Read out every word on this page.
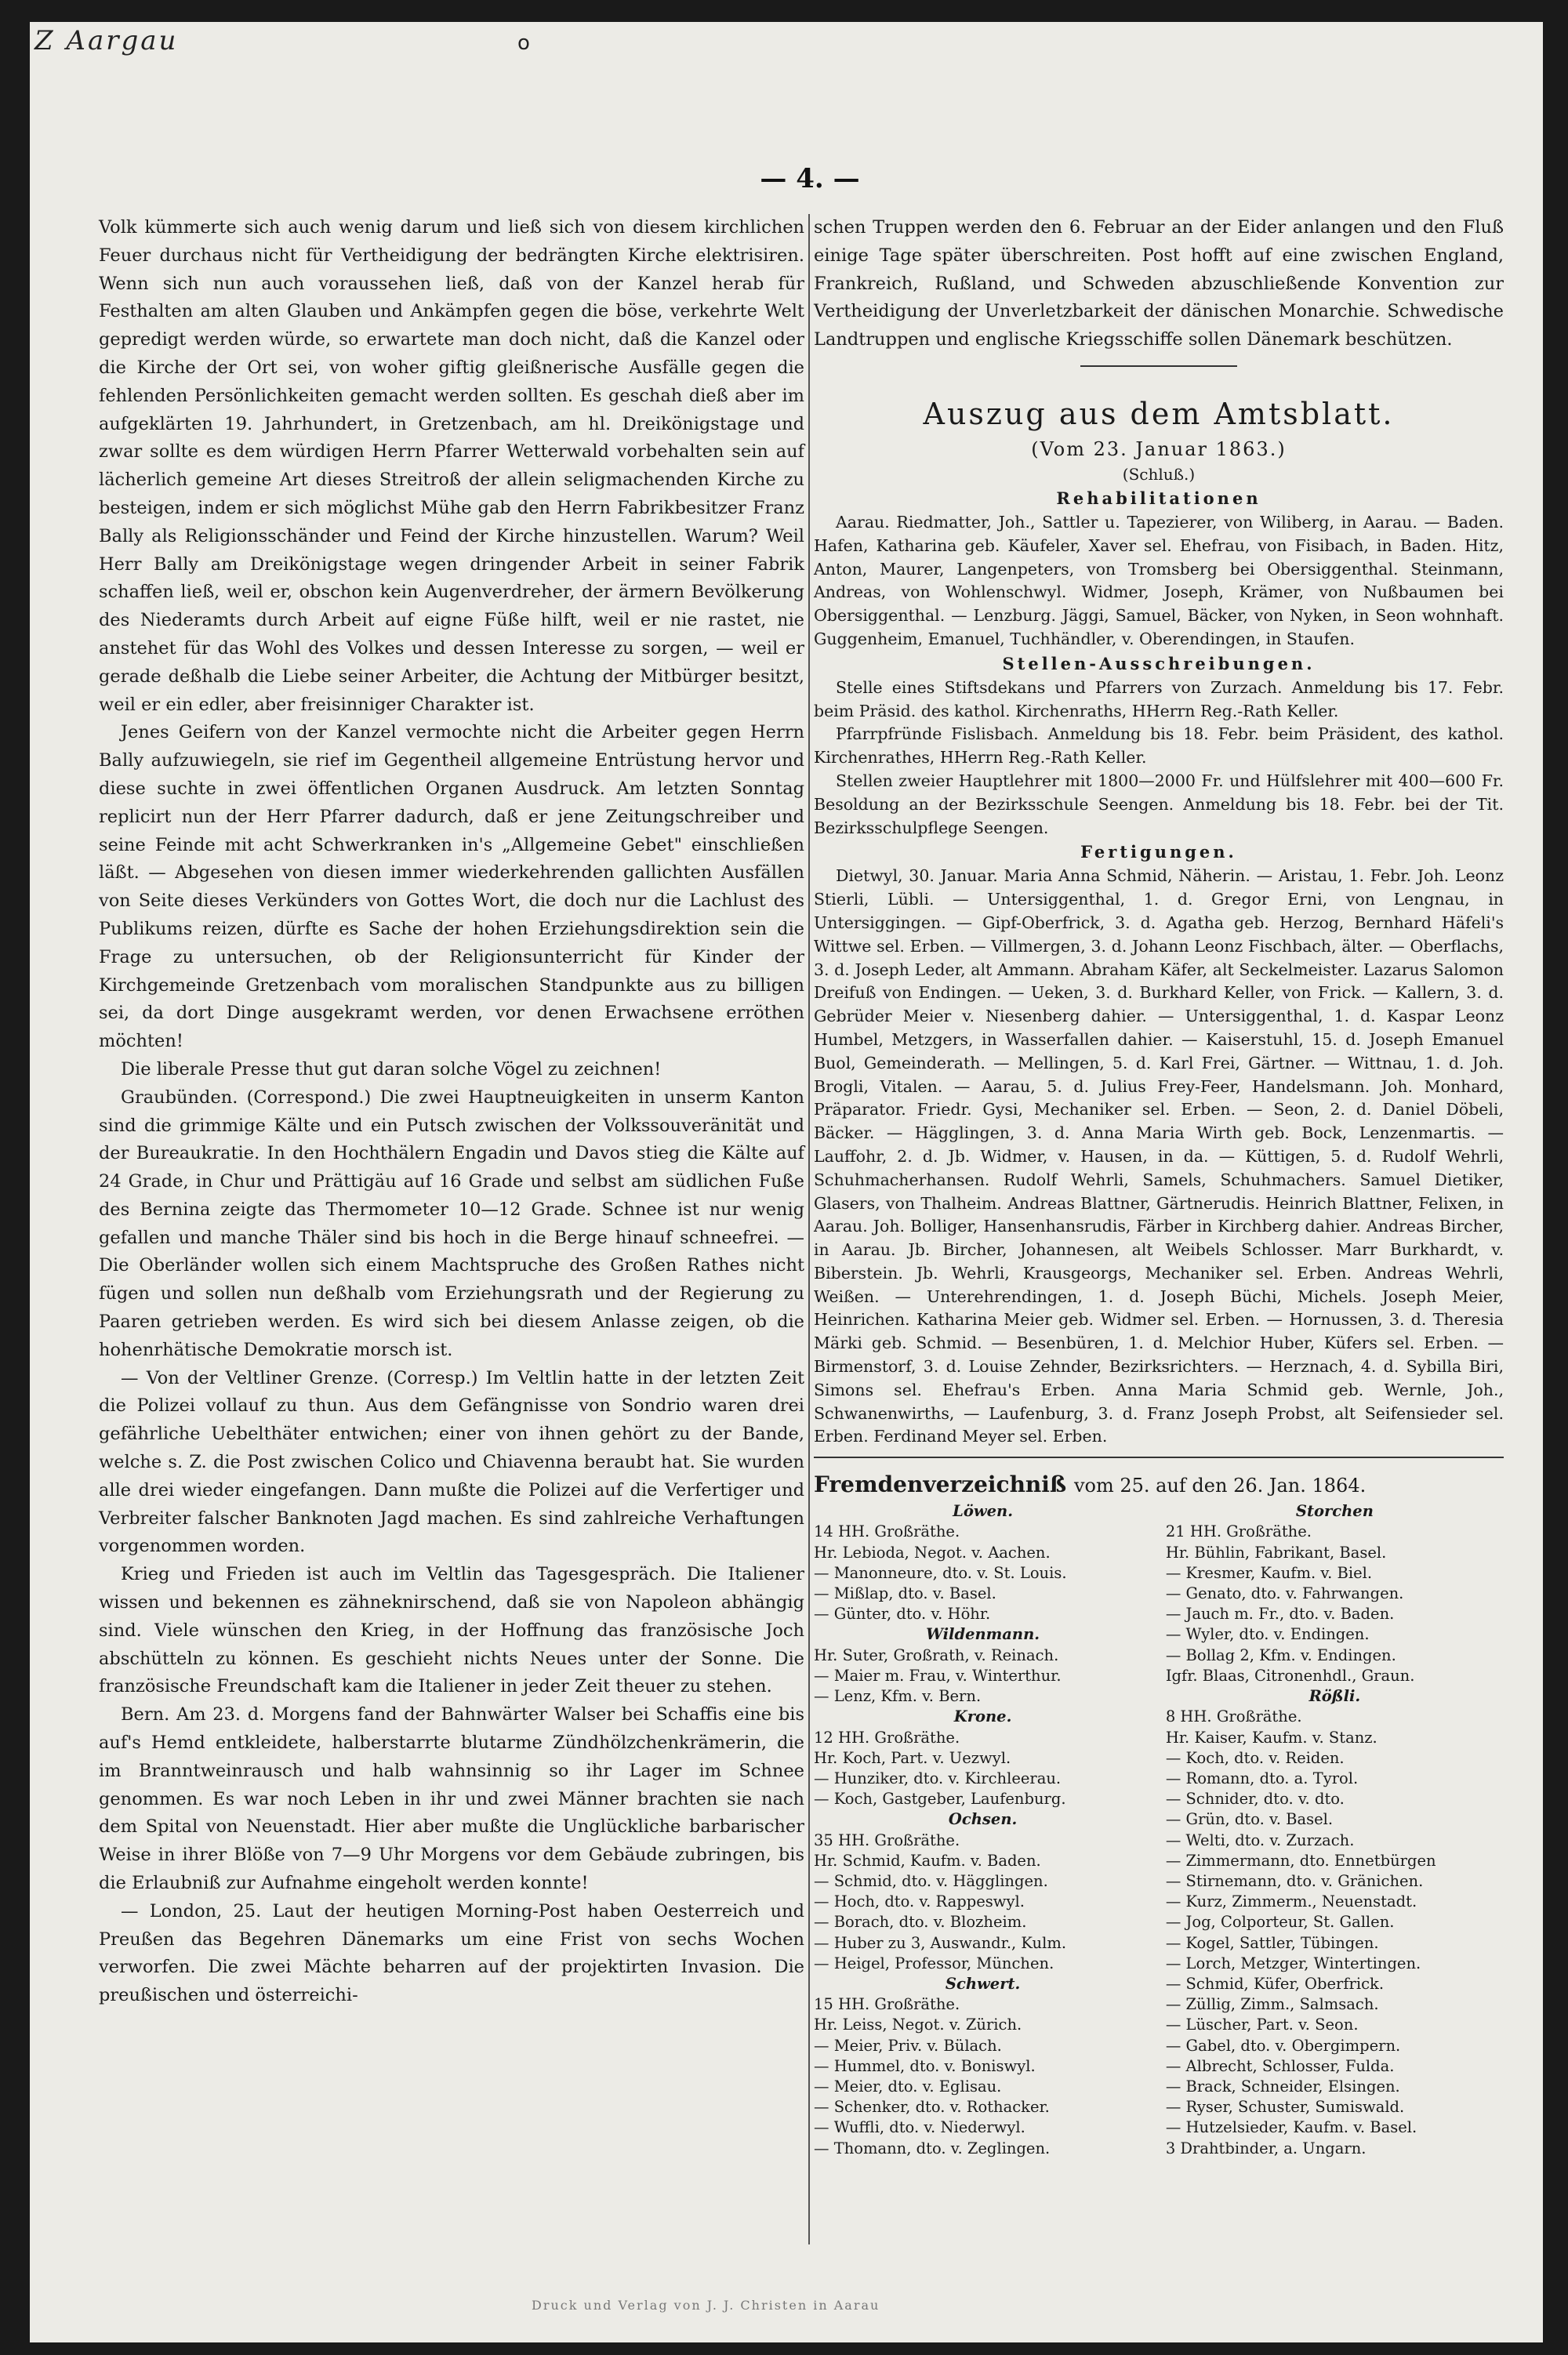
Z Aargau	o
— 4. —

Volk kümmerte sich auch wenig darum und ließ sich von diesem kirchlichen Feuer durchaus nicht für Vertheidigung der bedrängten Kirche elektrisiren. Wenn sich nun auch voraussehen ließ, daß von der Kanzel herab für Festhalten am alten Glauben und Ankämpfen gegen die böse, verkehrte Welt gepredigt werden würde, so erwartete man doch nicht, daß die Kanzel oder die Kirche der Ort sei, von woher giftig gleißnerische Ausfälle gegen die fehlenden Persönlichkeiten gemacht werden sollten. Es geschah dieß aber im aufgeklärten 19. Jahrhundert, in Gretzenbach, am hl. Dreikönigstage und zwar sollte es dem würdigen Herrn Pfarrer Wetterwald vorbehalten sein auf lächerlich gemeine Art dieses Streitroß der allein seligmachenden Kirche zu besteigen, indem er sich möglichst Mühe gab den Herrn Fabrikbesitzer Franz Bally als Religionsschänder und Feind der Kirche hinzustellen. Warum? Weil Herr Bally am Dreikönigstage wegen dringender Arbeit in seiner Fabrik schaffen ließ, weil er, obschon kein Augenverdreher, der ärmern Bevölkerung des Niederamts durch Arbeit auf eigne Füße hilft, weil er nie rastet, nie anstehet für das Wohl des Volkes und dessen Interesse zu sorgen, — weil er gerade deßhalb die Liebe seiner Arbeiter, die Achtung der Mitbürger besitzt, weil er ein edler, aber freisinniger Charakter ist.

Jenes Geifern von der Kanzel vermochte nicht die Arbeiter gegen Herrn Bally aufzuwiegeln, sie rief im Gegentheil allgemeine Entrüstung hervor und diese suchte in zwei öffentlichen Organen Ausdruck. Am letzten Sonntag replicirt nun der Herr Pfarrer dadurch, daß er jene Zeitungschreiber und seine Feinde mit acht Schwerkranken in's „Allgemeine Gebet" einschließen läßt. — Abgesehen von diesen immer wiederkehrenden gallichten Ausfällen von Seite dieses Verkünders von Gottes Wort, die doch nur die Lachlust des Publikums reizen, dürfte es Sache der hohen Erziehungsdirektion sein die Frage zu untersuchen, ob der Religionsunterricht für Kinder der Kirchgemeinde Gretzenbach vom moralischen Standpunkte aus zu billigen sei, da dort Dinge ausgekramt werden, vor denen Erwachsene erröthen möchten!

Die liberale Presse thut gut daran solche Vögel zu zeichnen!

Graubünden. (Correspond.) Die zwei Hauptneuigkeiten in unserm Kanton sind die grimmige Kälte und ein Putsch zwischen der Volkssouveränität und der Bureaukratie. In den Hochthälern Engadin und Davos stieg die Kälte auf 24 Grade, in Chur und Prättigäu auf 16 Grade und selbst am südlichen Fuße des Bernina zeigte das Thermometer 10—12 Grade. Schnee ist nur wenig gefallen und manche Thäler sind bis hoch in die Berge hinauf schneefrei. — Die Oberländer wollen sich einem Machtspruche des Großen Rathes nicht fügen und sollen nun deßhalb vom Erziehungsrath und der Regierung zu Paaren getrieben werden. Es wird sich bei diesem Anlasse zeigen, ob die hohenrhätische Demokratie morsch ist.

— Von der Veltliner Grenze. (Corresp.) Im Veltlin hatte in der letzten Zeit die Polizei vollauf zu thun. Aus dem Gefängnisse von Sondrio waren drei gefährliche Uebelthäter entwichen; einer von ihnen gehört zu der Bande, welche s. Z. die Post zwischen Colico und Chiavenna beraubt hat. Sie wurden alle drei wieder eingefangen. Dann mußte die Polizei auf die Verfertiger und Verbreiter falscher Banknoten Jagd machen. Es sind zahlreiche Verhaftungen vorgenommen worden.

Krieg und Frieden ist auch im Veltlin das Tagesgespräch. Die Italiener wissen und bekennen es zähneknirschend, daß sie von Napoleon abhängig sind. Viele wünschen den Krieg, in der Hoffnung das französische Joch abschütteln zu können. Es geschieht nichts Neues unter der Sonne. Die französische Freundschaft kam die Italiener in jeder Zeit theuer zu stehen.

Bern. Am 23. d. Morgens fand der Bahnwärter Walser bei Schaffis eine bis auf's Hemd entkleidete, halberstarrte blutarme Zündhölzchenkrämerin, die im Branntweinrausch und halb wahnsinnig so ihr Lager im Schnee genommen. Es war noch Leben in ihr und zwei Männer brachten sie nach dem Spital von Neuenstadt. Hier aber mußte die Unglückliche barbarischer Weise in ihrer Blöße von 7—9 Uhr Morgens vor dem Gebäude zubringen, bis die Erlaubniß zur Aufnahme eingeholt werden konnte!

— London, 25. Laut der heutigen Morning-Post haben Oesterreich und Preußen das Begehren Dänemarks um eine Frist von sechs Wochen verworfen. Die zwei Mächte beharren auf der projektirten Invasion. Die preußischen und österreichi-

schen Truppen werden den 6. Februar an der Eider anlangen und den Fluß einige Tage später überschreiten. Post hofft auf eine zwischen England, Frankreich, Rußland, und Schweden abzuschließende Konvention zur Vertheidigung der Unverletzbarkeit der dänischen Monarchie. Schwedische Landtruppen und englische Kriegsschiffe sollen Dänemark beschützen.

Auszug aus dem Amtsblatt.
(Vom 23. Januar 1863.)
(Schluß.)
Rehabilitationen

Aarau. Riedmatter, Joh., Sattler u. Tapezierer, von Wiliberg, in Aarau. — Baden. Hafen, Katharina geb. Käufeler, Xaver sel. Ehefrau, von Fisibach, in Baden. Hitz, Anton, Maurer, Langenpeters, von Tromsberg bei Obersiggenthal. Steinmann, Andreas, von Wohlenschwyl. Widmer, Joseph, Krämer, von Nußbaumen bei Obersiggenthal. — Lenzburg. Jäggi, Samuel, Bäcker, von Nyken, in Seon wohnhaft. Guggenheim, Emanuel, Tuchhändler, v. Oberendingen, in Staufen.

Stellen-Ausschreibungen.

Stelle eines Stiftsdekans und Pfarrers von Zurzach. Anmeldung bis 17. Febr. beim Präsid. des kathol. Kirchenraths, HHerrn Reg.-Rath Keller.

Pfarrpfründe Fislisbach. Anmeldung bis 18. Febr. beim Präsident, des kathol. Kirchenrathes, HHerrn Reg.-Rath Keller.

Stellen zweier Hauptlehrer mit 1800—2000 Fr. und Hülfslehrer mit 400—600 Fr. Besoldung an der Bezirksschule Seengen. Anmeldung bis 18. Febr. bei der Tit. Bezirksschulpflege Seengen.

Fertigungen.

Dietwyl, 30. Januar. Maria Anna Schmid, Näherin. — Aristau, 1. Febr. Joh. Leonz Stierli, Lübli. — Untersiggenthal, 1. d. Gregor Erni, von Lengnau, in Untersiggingen. — Gipf-Oberfrick, 3. d. Agatha geb. Herzog, Bernhard Häfeli's Wittwe sel. Erben. — Villmergen, 3. d. Johann Leonz Fischbach, älter. — Oberflachs, 3. d. Joseph Leder, alt Ammann. Abraham Käfer, alt Seckelmeister. Lazarus Salomon Dreifuß von Endingen. — Ueken, 3. d. Burkhard Keller, von Frick. — Kallern, 3. d. Gebrüder Meier v. Niesenberg dahier. — Untersiggenthal, 1. d. Kaspar Leonz Humbel, Metzgers, in Wasserfallen dahier. — Kaiserstuhl, 15. d. Joseph Emanuel Buol, Gemeinderath. — Mellingen, 5. d. Karl Frei, Gärtner. — Wittnau, 1. d. Joh. Brogli, Vitalen. — Aarau, 5. d. Julius Frey-Feer, Handelsmann. Joh. Monhard, Präparator. Friedr. Gysi, Mechaniker sel. Erben. — Seon, 2. d. Daniel Döbeli, Bäcker. — Hägglingen, 3. d. Anna Maria Wirth geb. Bock, Lenzenmartis. — Lauffohr, 2. d. Jb. Widmer, v. Hausen, in da. — Küttigen, 5. d. Rudolf Wehrli, Schuhmacherhansen. Rudolf Wehrli, Samels, Schuhmachers. Samuel Dietiker, Glasers, von Thalheim. Andreas Blattner, Gärtnerudis. Heinrich Blattner, Felixen, in Aarau. Joh. Bolliger, Hansenhansrudis, Färber in Kirchberg dahier. Andreas Bircher, in Aarau. Jb. Bircher, Johannesen, alt Weibels Schlosser. Marr Burkhardt, v. Biberstein. Jb. Wehrli, Krausgeorgs, Mechaniker sel. Erben. Andreas Wehrli, Weißen. — Unterehrendingen, 1. d. Joseph Büchi, Michels. Joseph Meier, Heinrichen. Katharina Meier geb. Widmer sel. Erben. — Hornussen, 3. d. Theresia Märki geb. Schmid. — Besenbüren, 1. d. Melchior Huber, Küfers sel. Erben. — Birmenstorf, 3. d. Louise Zehnder, Bezirksrichters. — Herznach, 4. d. Sybilla Biri, Simons sel. Ehefrau's Erben. Anna Maria Schmid geb. Wernle, Joh., Schwanenwirths, — Laufenburg, 3. d. Franz Joseph Probst, alt Seifensieder sel. Erben. Ferdinand Meyer sel. Erben.

Fremdenverzeichniß vom 25. auf den 26. Jan. 1864.
Löwen.
14 HH. Großräthe.
Hr. Lebioda, Negot. v. Aachen.
— Manonneure, dto. v. St. Louis.
— Mißlap, dto. v. Basel.
— Günter, dto. v. Höhr.
Wildenmann.
Hr. Suter, Großrath, v. Reinach.
— Maier m. Frau, v. Winterthur.
— Lenz, Kfm. v. Bern.
Krone.
12 HH. Großräthe.
Hr. Koch, Part. v. Uezwyl.
— Hunziker, dto. v. Kirchleerau.
— Koch, Gastgeber, Laufenburg.
Ochsen.
35 HH. Großräthe.
Hr. Schmid, Kaufm. v. Baden.
— Schmid, dto. v. Hägglingen.
— Hoch, dto. v. Rappeswyl.
— Borach, dto. v. Blozheim.
— Huber zu 3, Auswandr., Kulm.
— Heigel, Professor, München.
Schwert.
15 HH. Großräthe.
Hr. Leiss, Negot. v. Zürich.
— Meier, Priv. v. Bülach.
— Hummel, dto. v. Boniswyl.
— Meier, dto. v. Eglisau.
— Schenker, dto. v. Rothacker.
— Wuffli, dto. v. Niederwyl.
— Thomann, dto. v. Zeglingen.
Storchen
21 HH. Großräthe.
Hr. Bühlin, Fabrikant, Basel.
— Kresmer, Kaufm. v. Biel.
— Genato, dto. v. Fahrwangen.
— Jauch m. Fr., dto. v. Baden.
— Wyler, dto. v. Endingen.
— Bollag 2, Kfm. v. Endingen.
Igfr. Blaas, Citronenhdl., Graun.
Rößli.
8 HH. Großräthe.
Hr. Kaiser, Kaufm. v. Stanz.
— Koch, dto. v. Reiden.
— Romann, dto. a. Tyrol.
— Schnider, dto. v. dto.
— Grün, dto. v. Basel.
— Welti, dto. v. Zurzach.
— Zimmermann, dto. Ennetbürgen
— Stirnemann, dto. v. Gränichen.
— Kurz, Zimmerm., Neuenstadt.
— Jog, Colporteur, St. Gallen.
— Kogel, Sattler, Tübingen.
— Lorch, Metzger, Wintertingen.
— Schmid, Küfer, Oberfrick.
— Züllig, Zimm., Salmsach.
— Lüscher, Part. v. Seon.
— Gabel, dto. v. Obergimpern.
— Albrecht, Schlosser, Fulda.
— Brack, Schneider, Elsingen.
— Ryser, Schuster, Sumiswald.
— Hutzelsieder, Kaufm. v. Basel.
3 Drahtbinder, a. Ungarn.
Druck und Verlag von J. J. Christen in Aarau
